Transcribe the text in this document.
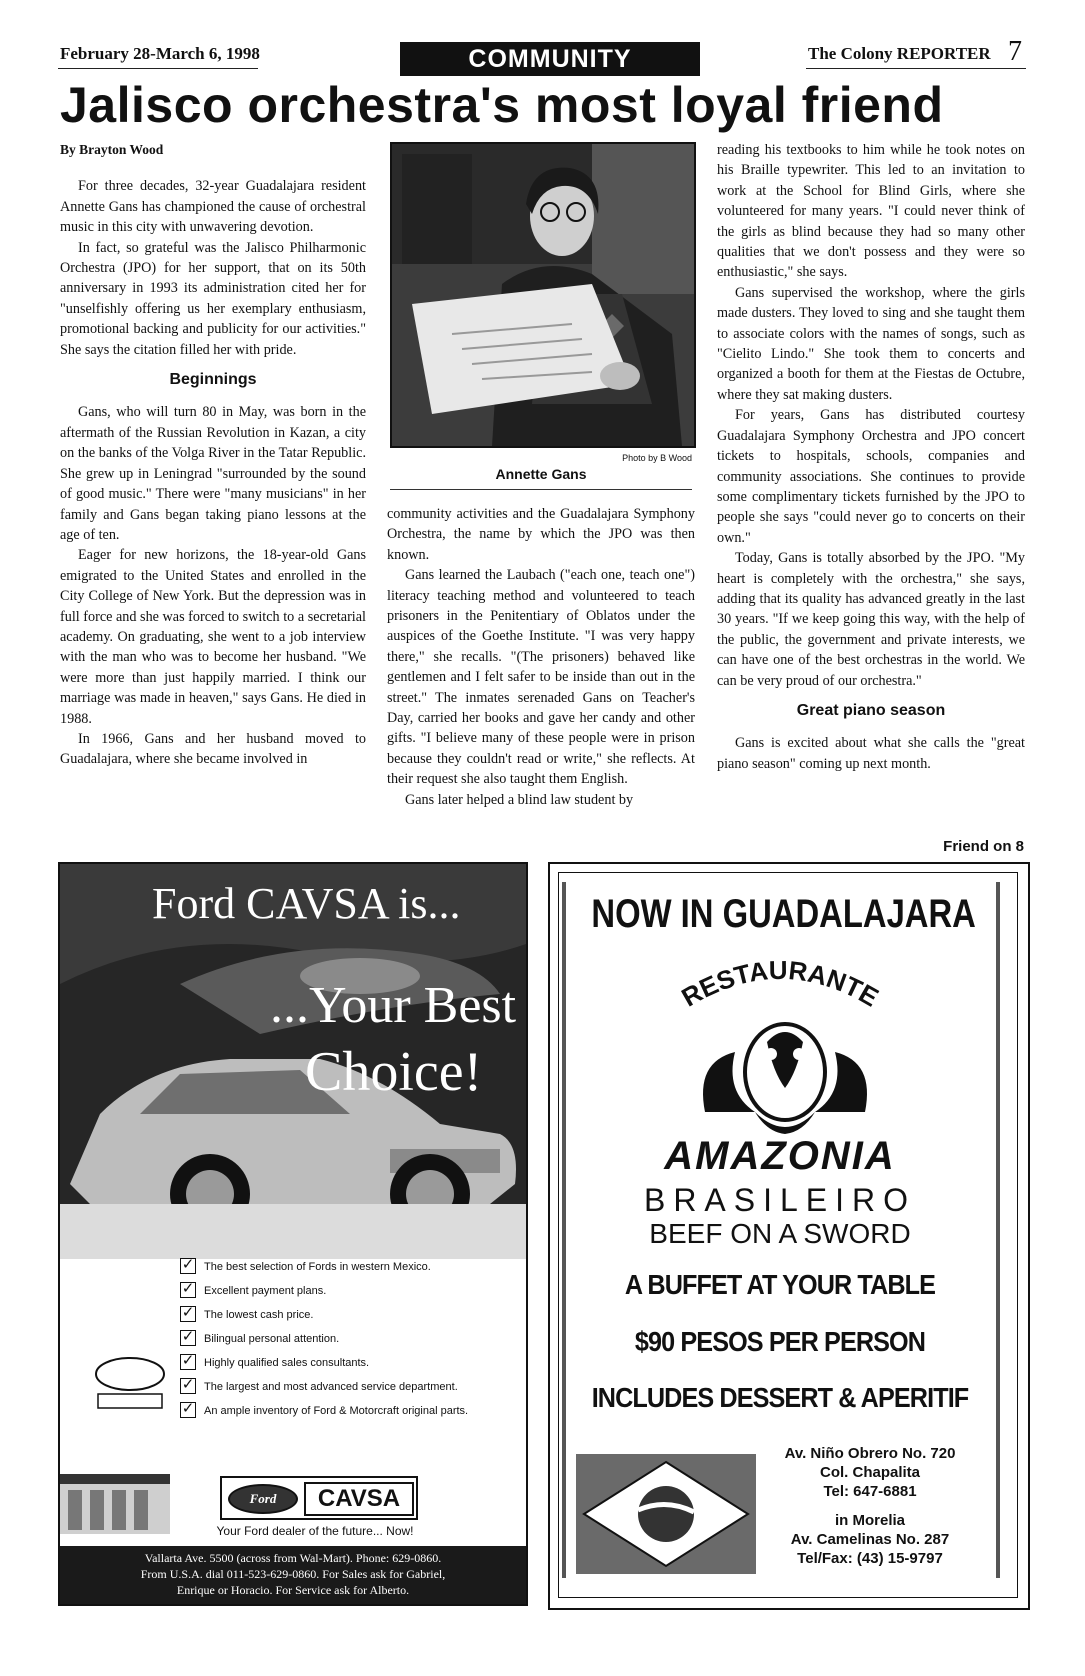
February 28-March 6, 1998	COMMUNITY	The Colony REPORTER 7
Jalisco orchestra's most loyal friend

By Brayton Wood

For three decades, 32-year Guadalajara resident Annette Gans has championed the cause of orchestral music in this city with unwavering devotion.

In fact, so grateful was the Jalisco Philharmonic Orchestra (JPO) for her support, that on its 50th anniversary in 1993 its administration cited her for "unselfishly offering us her exemplary enthusiasm, promotional backing and publicity for our activities." She says the citation filled her with pride.

Beginnings

Gans, who will turn 80 in May, was born in the aftermath of the Russian Revolution in Kazan, a city on the banks of the Volga River in the Tatar Republic. She grew up in Leningrad "surrounded by the sound of good music." There were "many musicians" in her family and Gans began taking piano lessons at the age of ten.

Eager for new horizons, the 18-year-old Gans emigrated to the United States and enrolled in the City College of New York. But the depression was in full force and she was forced to switch to a secretarial academy. On graduating, she went to a job interview with the man who was to become her husband. "We were more than just happily married. I think our marriage was made in heaven," says Gans. He died in 1988.

In 1966, Gans and her husband moved to Guadalajara, where she became involved in

Photo by B Wood
Annette Gans

community activities and the Guadalajara Symphony Orchestra, the name by which the JPO was then known.

Gans learned the Laubach ("each one, teach one") literacy teaching method and volunteered to teach prisoners in the Penitentiary of Oblatos under the auspices of the Goethe Institute. "I was very happy there," she recalls. "(The prisoners) behaved like gentlemen and I felt safer to be inside than out in the street." The inmates serenaded Gans on Teacher's Day, carried her books and gave her candy and other gifts. "I believe many of these people were in prison because they couldn't read or write," she reflects. At their request she also taught them English.

Gans later helped a blind law student by

reading his textbooks to him while he took notes on his Braille typewriter. This led to an invitation to work at the School for Blind Girls, where she volunteered for many years. "I could never think of the girls as blind because they had so many other qualities that we don't possess and they were so enthusiastic," she says.

Gans supervised the workshop, where the girls made dusters. They loved to sing and she taught them to associate colors with the names of songs, such as "Cielito Lindo." She took them to concerts and organized a booth for them at the Fiestas de Octubre, where they sat making dusters.

For years, Gans has distributed courtesy Guadalajara Symphony Orchestra and JPO concert tickets to hospitals, schools, companies and community associations. She continues to provide some complimentary tickets furnished by the JPO to people she says "could never go to concerts on their own."

Today, Gans is totally absorbed by the JPO. "My heart is completely with the orchestra," she says, adding that its quality has advanced greatly in the last 30 years. "If we keep going this way, with the help of the public, the government and private interests, we can have one of the best orchestras in the world. We can be very proud of our orchestra."

Great piano season

Gans is excited about what she calls the "great piano season" coming up next month.

Friend on 8
Ford CAVSA is...
...Your Best
Choice!
✓ The best selection of Fords in western Mexico.
✓ Excellent payment plans.
✓ The lowest cash price.
✓ Bilingual personal attention.
✓ Highly qualified sales consultants.
✓ The largest and most advanced service department.
✓ An ample inventory of Ford & Motorcraft original parts.
Ford	CAVSA
Your Ford dealer of the future... Now!
Vallarta Ave. 5500 (across from Wal-Mart). Phone: 629-0860.
From U.S.A. dial 011-523-629-0860. For Sales ask for Gabriel,
Enrique or Horacio. For Service ask for Alberto.
NOW IN GUADALAJARA
RESTAURANTE
AMAZONIA
BRASILEIRO
BEEF ON A SWORD
A BUFFET AT YOUR TABLE
$90 PESOS PER PERSON
INCLUDES DESSERT & APERITIF
Av. Niño Obrero No. 720
Col. Chapalita
Tel: 647-6881
in Morelia
Av. Camelinas No. 287
Tel/Fax: (43) 15-9797
